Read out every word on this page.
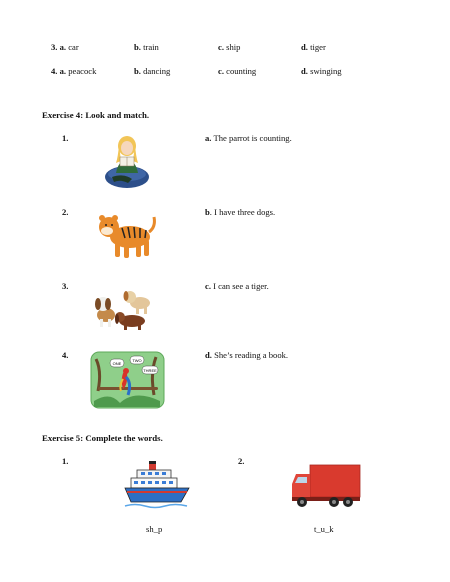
3. a. car	b. train	c. ship	d. tiger
4. a. peacock	b. dancing	c. counting	d. swinging
Exercise 4: Look and match.
1.	a. The parrot is counting.
2.	b. I have three dogs.
3.	c. I can see a tiger.
4.	d. She’s reading a book.
ONE
TWO
THREE
Exercise 5: Complete the words.
1.	2.
sh_p	t_u_k
